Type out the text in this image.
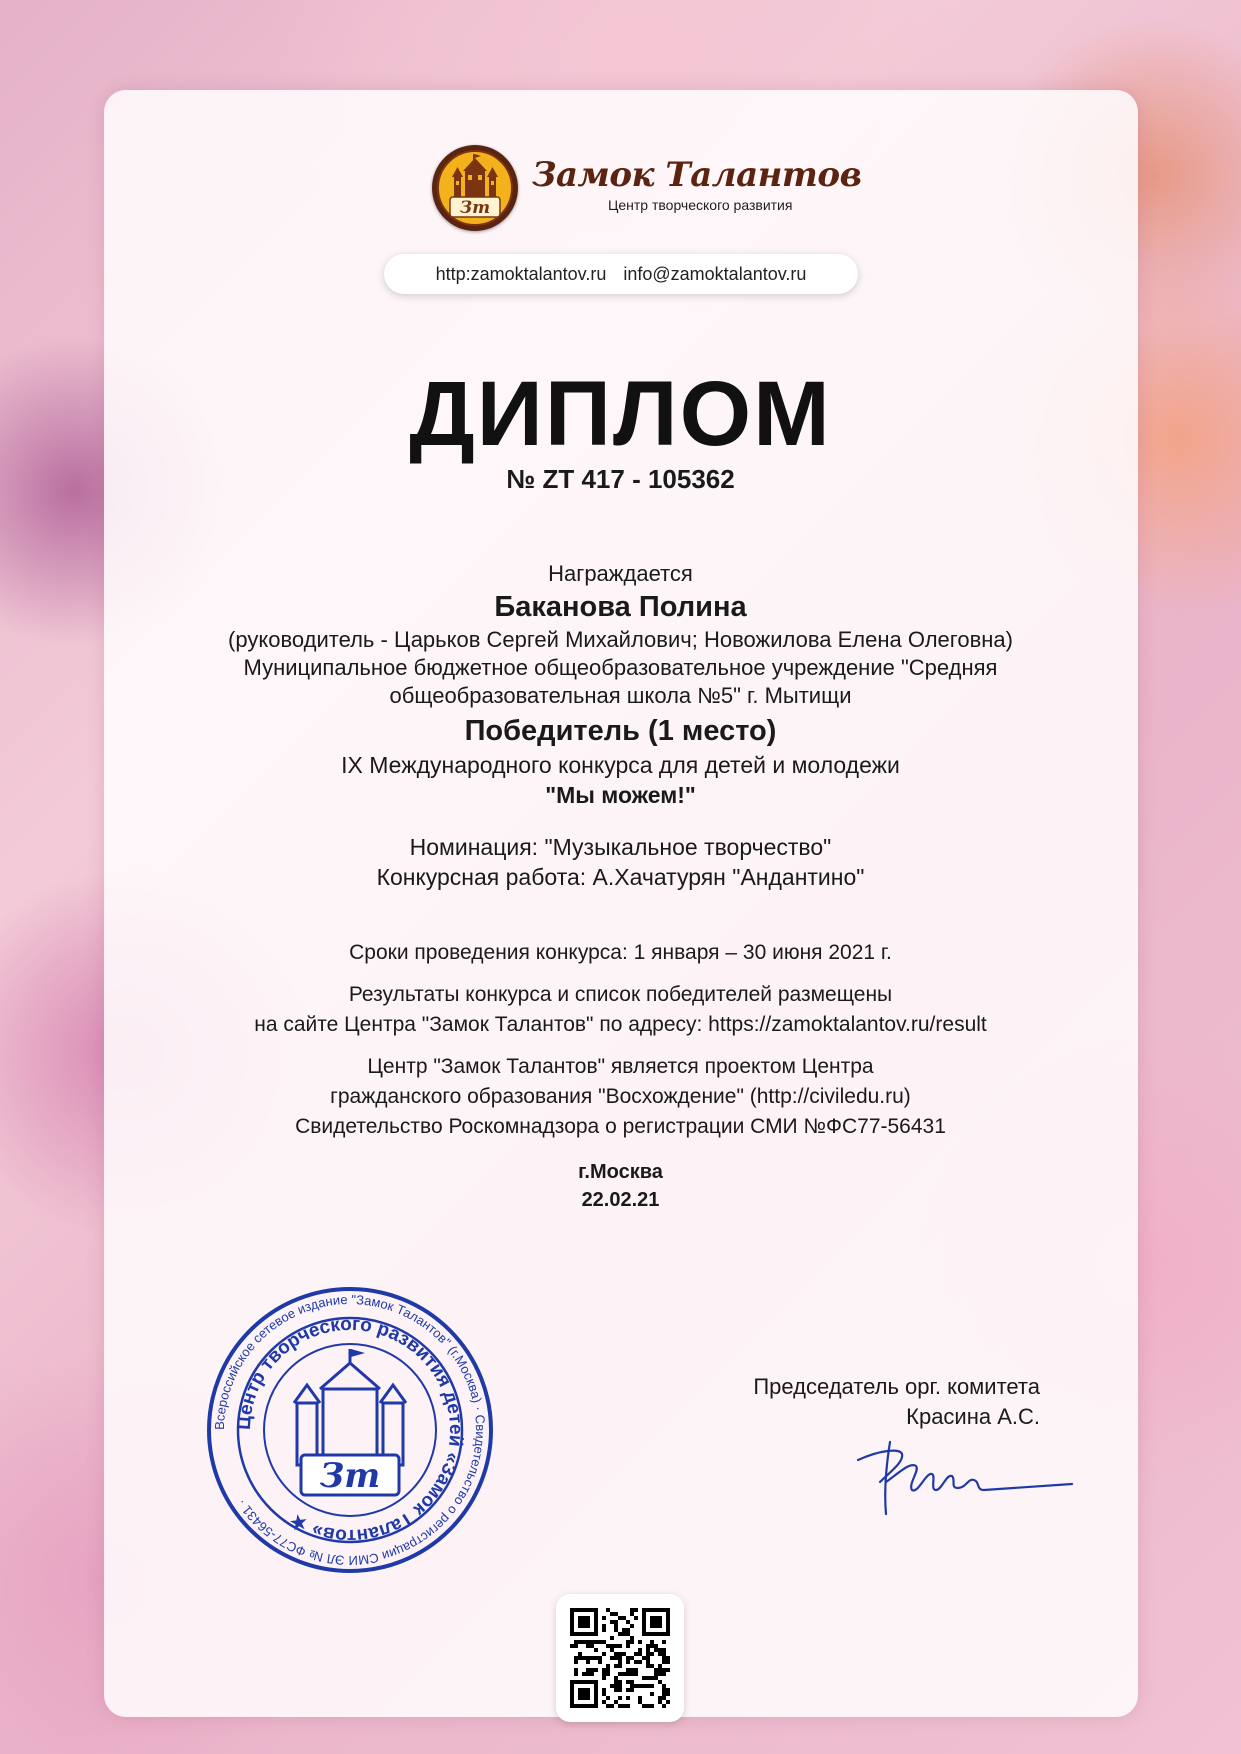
Зт
Замок Талантов
Центр творческого развития
http:zamoktalantov.ru info@zamoktalantov.ru
ДИПЛОМ
№ ZT 417 - 105362
Награждается
Баканова Полина
(руководитель - Царьков Сергей Михайлович; Новожилова Елена Олеговна)
Муниципальное бюджетное общеобразовательное учреждение "Средняя
общеобразовательная школа №5" г. Мытищи
Победитель (1 место)
IX Международного конкурса для детей и молодежи
"Мы можем!"
Номинация: "Музыкальное творчество"
Конкурсная работа: А.Хачатурян "Андантино"
Сроки проведения конкурса: 1 января – 30 июня 2021 г.
Результаты конкурса и список победителей размещены
на сайте Центра "Замок Талантов" по адресу: https://zamoktalantov.ru/result
Центр "Замок Талантов" является проектом Центра
гражданского образования "Восхождение" (http://civiledu.ru)
Свидетельство Роскомнадзора о регистрации СМИ №ФС77-56431
г.Москва
22.02.21
Всероссийское сетевое издание "Замок Талантов" (г.Москва) · Свидетельство о регистрации СМИ ЭЛ № ФС77-56431 ·
Центр творческого развития детей «Замок Талантов» ★
Зт
Председатель орг. комитета
Красина А.С.
